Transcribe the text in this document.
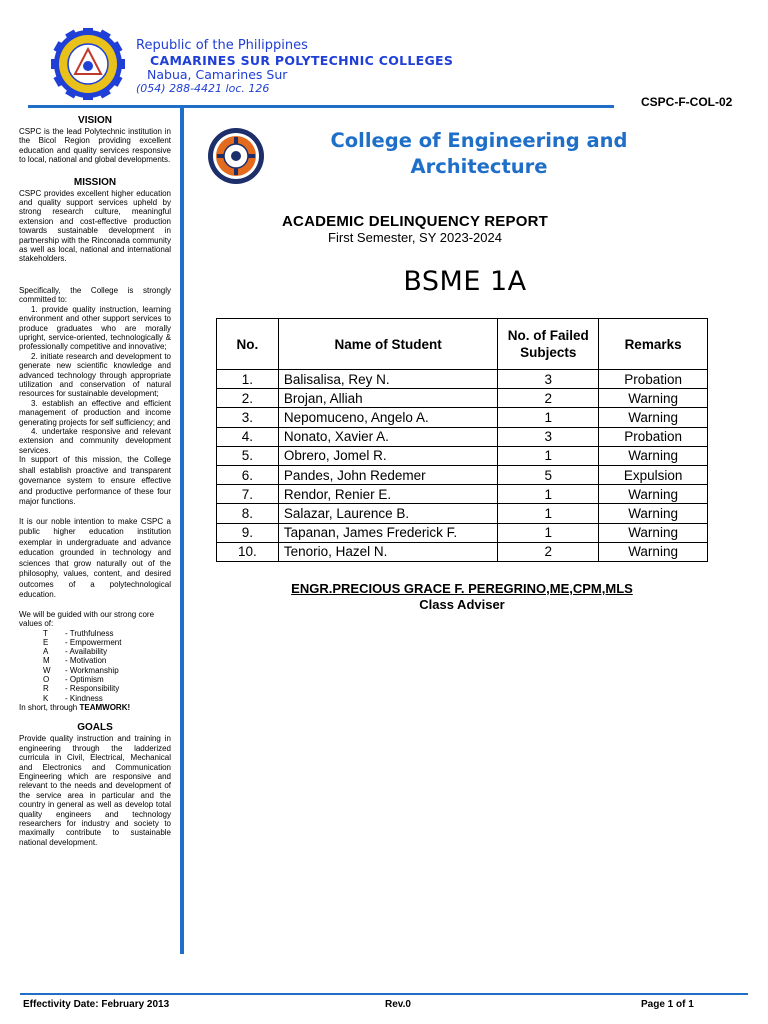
Republic of the Philippines
CAMARINES SUR POLYTECHNIC COLLEGES
Nabua, Camarines Sur
(054) 288-4421 loc. 126
CSPC-F-COL-02
VISION
CSPC is the lead Polytechnic institution in the Bicol Region providing excellent education and quality services responsive to local, national and global developments.
MISSION
CSPC provides excellent higher education and quality support services upheld by strong research culture, meaningful extension and cost-effective production towards sustainable development in partnership with the Rinconada community as well as local, national and international stakeholders.
Specifically, the College is strongly committed to:
1. provide quality instruction, learning environment and other support services to produce graduates who are morally upright, service-oriented, technologically & professionally competitive and innovative;
2. initiate research and development to generate new scientific knowledge and advanced technology through appropriate utilization and conservation of natural resources for sustainable development;
3. establish an effective and efficient management of production and income generating projects for self sufficiency; and
4. undertake responsive and relevant extension and community development services.
In support of this mission, the College shall establish proactive and transparent governance system to ensure effective and productive performance of these four major functions.
It is our noble intention to make CSPC a public higher education institution exemplar in undergraduate and advance education grounded in technology and sciences that grow naturally out of the philosophy, values, content, and desired outcomes of a polytechnological education.
We will be guided with our strong core values of:
T	- Truthfulness
E	- Empowerment
A	- Availability
M	- Motivation
W	- Workmanship
O	- Optimism
R	- Responsibility
K	- Kindness
In short, through TEAMWORK!
GOALS
Provide quality instruction and training in engineering through the ladderized curricula in Civil, Electrical, Mechanical and Electronics and Communication Engineering which are responsive and relevant to the needs and development of the service area in particular and the country in general as well as develop total quality engineers and technology researchers for industry and society to maximally contribute to sustainable national development.
College of Engineering and Architecture
ACADEMIC DELINQUENCY REPORT
First Semester, SY 2023-2024
BSME 1A
No.	Name of Student	No. of Failed Subjects	Remarks
1.	Balisalisa, Rey N.	3	Probation
2.	Brojan, Alliah	2	Warning
3.	Nepomuceno, Angelo A.	1	Warning
4.	Nonato, Xavier A.	3	Probation
5.	Obrero, Jomel R.	1	Warning
6.	Pandes, John Redemer	5	Expulsion
7.	Rendor, Renier E.	1	Warning
8.	Salazar, Laurence B.	1	Warning
9.	Tapanan, James Frederick F.	1	Warning
10.	Tenorio, Hazel N.	2	Warning
ENGR.PRECIOUS GRACE F. PEREGRINO,ME,CPM,MLS
Class Adviser
Effectivity Date: February 2013	Rev.0	Page 1 of 1
